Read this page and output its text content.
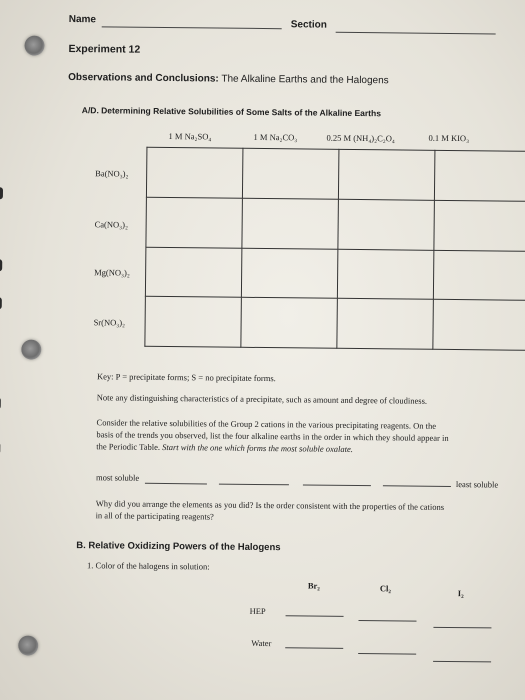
Name	Section
Experiment 12
Observations and Conclusions: The Alkaline Earths and the Halogens
A/D. Determining Relative Solubilities of Some Salts of the Alkaline Earths
1 M Na₂SO₄	1 M Na₂CO₃	0.25 M (NH₄)₂C₂O₄	0.1 M KIO₃
Ba(NO₃)₂
Ca(NO₃)₂
Mg(NO₃)₂
Sr(NO₃)₂

Key: P = precipitate forms; S = no precipitate forms.
Note any distinguishing characteristics of a precipitate, such as amount and degree of cloudiness.
Consider the relative solubilities of the Group 2 cations in the various precipitating reagents. On the
basis of the trends you observed, list the four alkaline earths in the order in which they should appear in
the Periodic Table. Start with the one which forms the most soluble oxalate.
most soluble
least soluble
Why did you arrange the elements as you did? Is the order consistent with the properties of the cations
in all of the participating reagents?
B. Relative Oxidizing Powers of the Halogens
1. Color of the halogens in solution:
Br₂	Cl₂	I₂
HEP
Water
